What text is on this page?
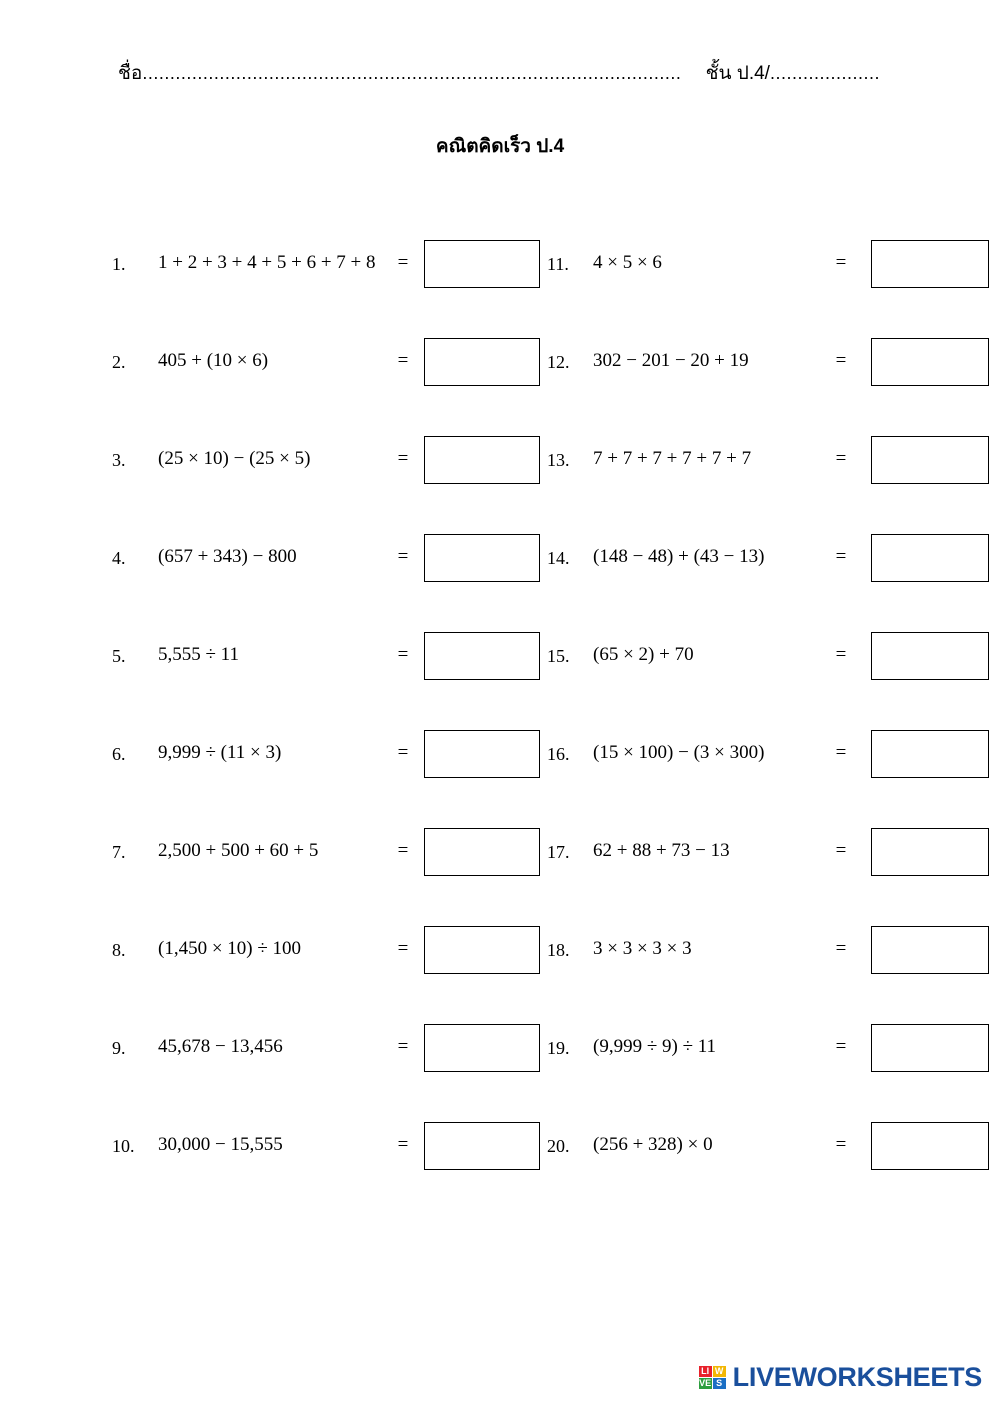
ชื่อ ..................................................................................................	ชั้น ป.4/ ....................
คณิตคิดเร็ว ป.4
1.	1 + 2 + 3 + 4 + 5 + 6 + 7 + 8	=	11.	4 × 5 × 6	=
2.	405 + (10 × 6)	=	12.	302 − 201 − 20 + 19	=
3.	(25 × 10) − (25 × 5)	=	13.	7 + 7 + 7 + 7 + 7 + 7	=
4.	(657 + 343) − 800	=	14.	(148 − 48) + (43 − 13)	=
5.	5,555 ÷ 11	=	15.	(65 × 2) + 70	=
6.	9,999 ÷ (11 × 3)	=	16.	(15 × 100) − (3 × 300)	=
7.	2,500 + 500 + 60 + 5	=	17.	62 + 88 + 73 − 13	=
8.	(1,450 × 10) ÷ 100	=	18.	3 × 3 × 3 × 3	=
9.	45,678 − 13,456	=	19.	(9,999 ÷ 9) ÷ 11	=
10.	30,000 − 15,555	=	20.	(256 + 328) × 0	=
LI W
VE S LIVEWORKSHEETS
